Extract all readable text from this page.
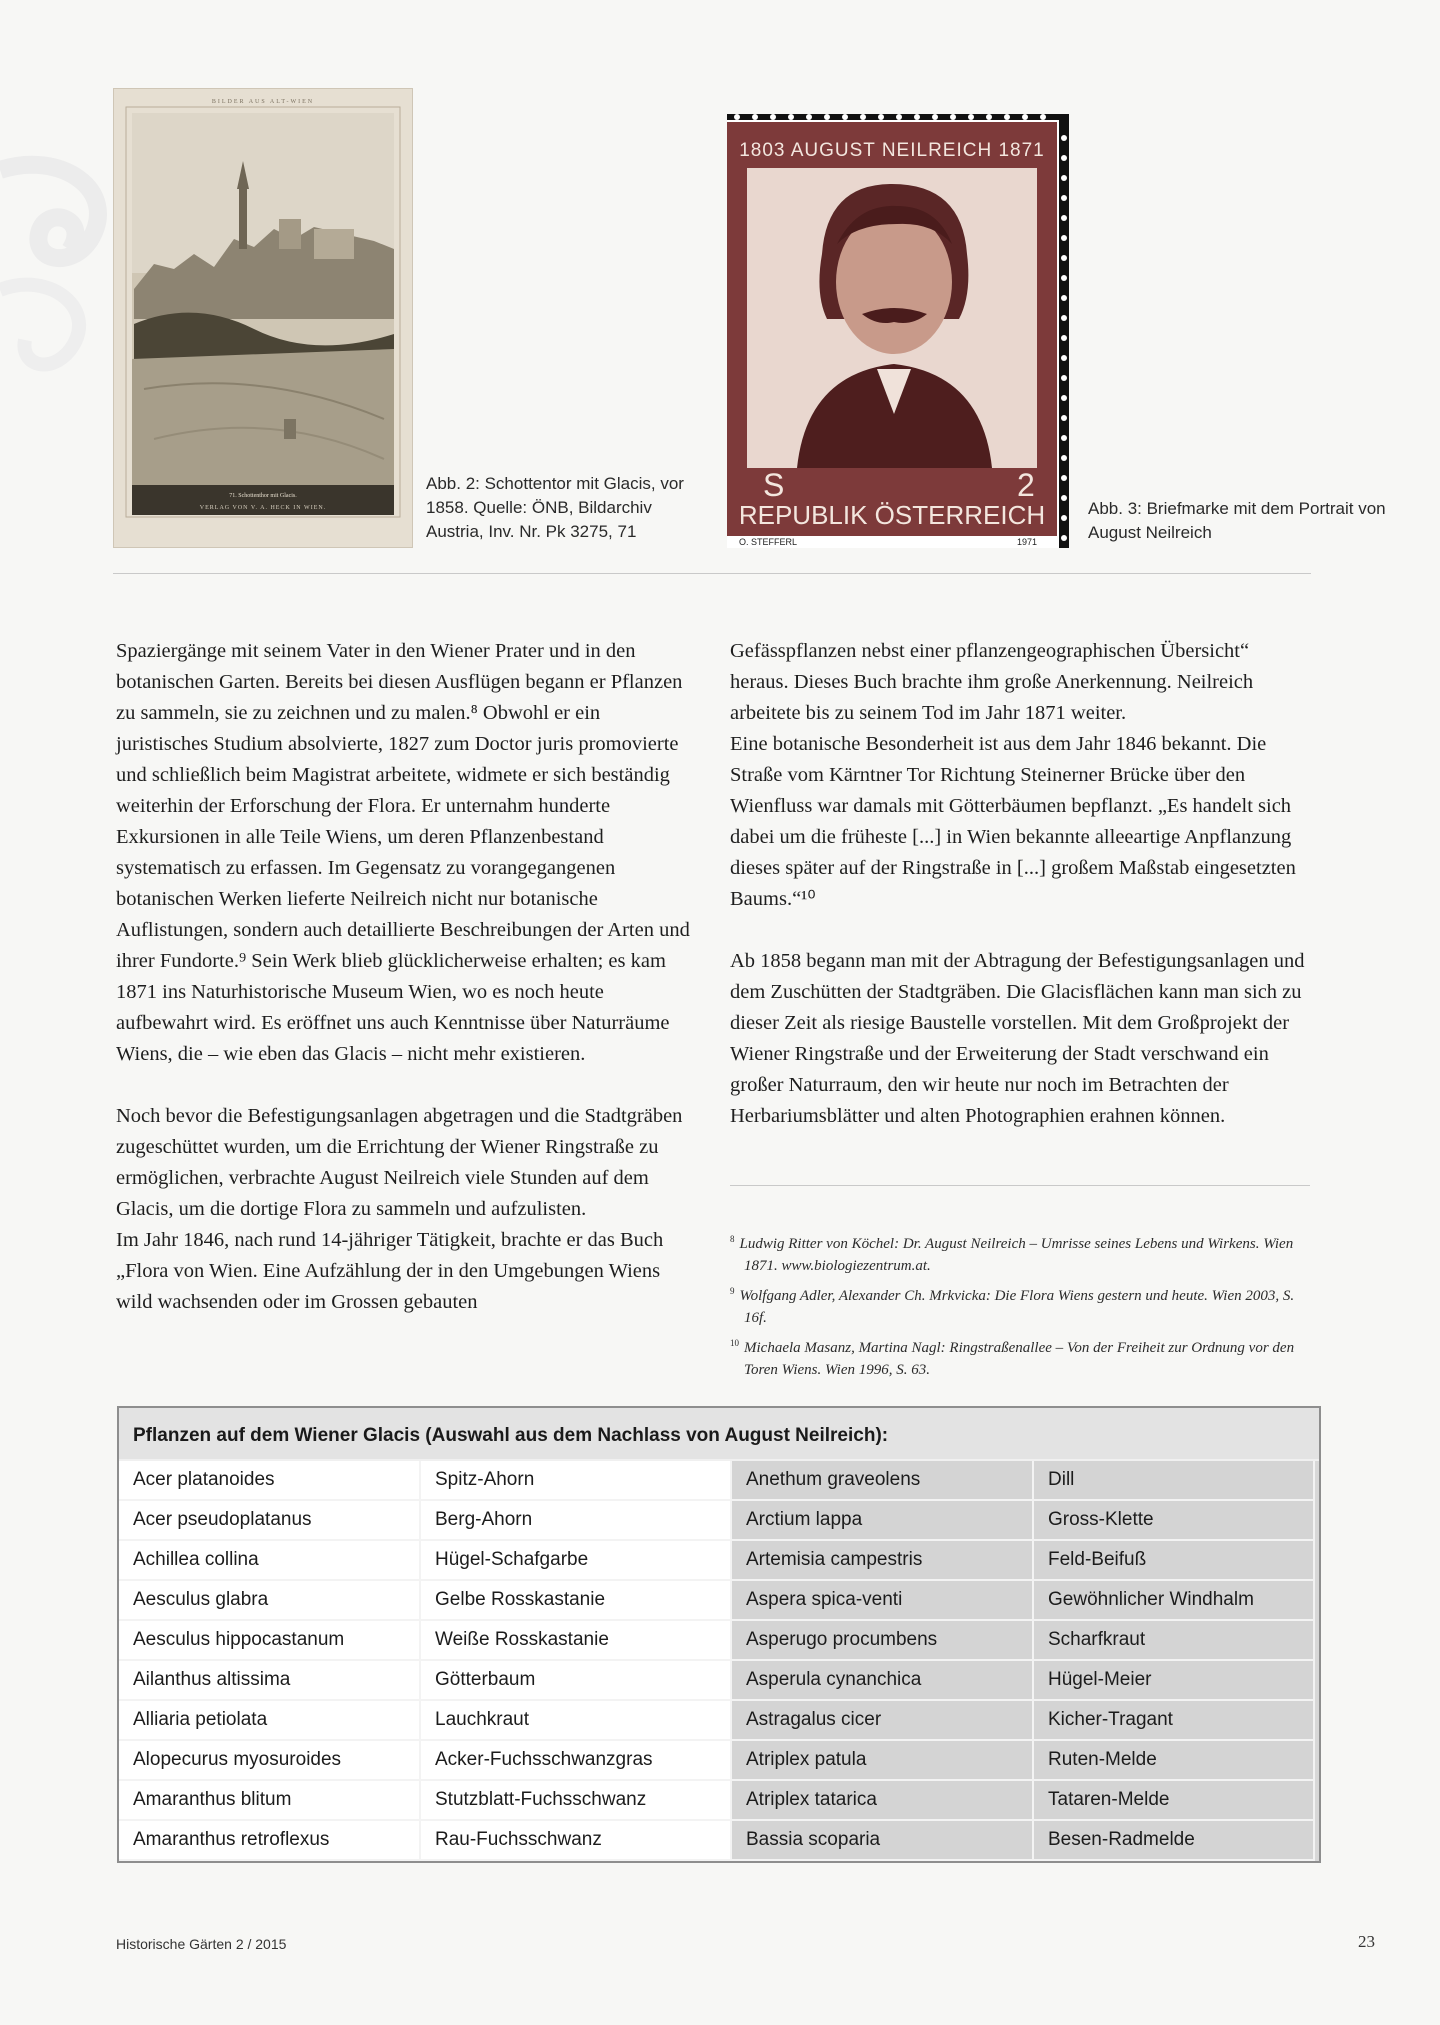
BILDER AUS ALT-WIEN
71. Schottenthor mit Glacis.
VERLAG VON V. A. HECK IN WIEN.
Abb. 2: Schottentor mit Glacis, vor 1858. Quelle: ÖNB, Bildarchiv Austria, Inv. Nr. Pk 3275, 71
1803 AUGUST NEILREICH 1871
S	2
REPUBLIK ÖSTERREICH
O. STEFFERL	1971
Abb. 3: Briefmarke mit dem Portrait von August Neilreich

Spaziergänge mit seinem Vater in den Wiener Prater und in den botanischen Garten. Bereits bei diesen Ausflügen begann er Pflanzen zu sammeln, sie zu zeichnen und zu malen.⁸ Obwohl er ein juristisches Studium absolvierte, 1827 zum Doctor juris promovierte und schließlich beim Magistrat arbeitete, widmete er sich beständig weiterhin der Erforschung der Flora. Er unternahm hunderte Exkursionen in alle Teile Wiens, um deren Pflanzenbestand systematisch zu erfassen. Im Gegensatz zu vorangegangenen botanischen Werken lieferte Neilreich nicht nur botanische Auflistungen, sondern auch detaillierte Beschreibungen der Arten und ihrer Fundorte.⁹ Sein Werk blieb glücklicherweise erhalten; es kam 1871 ins Naturhistorische Museum Wien, wo es noch heute aufbewahrt wird. Es eröffnet uns auch Kenntnisse über Naturräume Wiens, die – wie eben das Glacis – nicht mehr existieren.

Noch bevor die Befestigungsanlagen abgetragen und die Stadtgräben zugeschüttet wurden, um die Errichtung der Wiener Ringstraße zu ermöglichen, verbrachte August Neilreich viele Stunden auf dem Glacis, um die dortige Flora zu sammeln und aufzulisten.

Im Jahr 1846, nach rund 14-jähriger Tätigkeit, brachte er das Buch „Flora von Wien. Eine Aufzählung der in den Umgebungen Wiens wild wachsenden oder im Grossen gebauten

Gefässpflanzen nebst einer pflanzengeographischen Übersicht“ heraus. Dieses Buch brachte ihm große Anerkennung. Neilreich arbeitete bis zu seinem Tod im Jahr 1871 weiter.

Eine botanische Besonderheit ist aus dem Jahr 1846 bekannt. Die Straße vom Kärntner Tor Richtung Steinerner Brücke über den Wienfluss war damals mit Götterbäumen bepflanzt. „Es handelt sich dabei um die früheste [...] in Wien bekannte alleeartige Anpflanzung dieses später auf der Ringstraße in [...] großem Maßstab eingesetzten Baums.“¹⁰

Ab 1858 begann man mit der Abtragung der Befestigungsanlagen und dem Zuschütten der Stadtgräben. Die Glacisflächen kann man sich zu dieser Zeit als riesige Baustelle vorstellen. Mit dem Großprojekt der Wiener Ringstraße und der Erweiterung der Stadt verschwand ein großer Naturraum, den wir heute nur noch im Betrachten der Herbariumsblätter und alten Photographien erahnen können.

$^8$ Ludwig Ritter von Köchel: Dr. August Neilreich – Umrisse seines Lebens und Wirkens. Wien 1871. www.biologiezentrum.at.

$^9$ Wolfgang Adler, Alexander Ch. Mrkvicka: Die Flora Wiens gestern und heute. Wien 2003, S. 16f.

$^{10}$ Michaela Masanz, Martina Nagl: Ringstraßenallee – Von der Freiheit zur Ordnung vor den Toren Wiens. Wien 1996, S. 63.

Pflanzen auf dem Wiener Glacis (Auswahl aus dem Nachlass von August Neilreich):
Acer platanoides	Spitz-Ahorn	Anethum graveolens	Dill
Acer pseudoplatanus	Berg-Ahorn	Arctium lappa	Gross-Klette
Achillea collina	Hügel-Schafgarbe	Artemisia campestris	Feld-Beifuß
Aesculus glabra	Gelbe Rosskastanie	Aspera spica-venti	Gewöhnlicher Windhalm
Aesculus hippocastanum	Weiße Rosskastanie	Asperugo procumbens	Scharfkraut
Ailanthus altissima	Götterbaum	Asperula cynanchica	Hügel-Meier
Alliaria petiolata	Lauchkraut	Astragalus cicer	Kicher-Tragant
Alopecurus myosuroides	Acker-Fuchsschwanzgras	Atriplex patula	Ruten-Melde
Amaranthus blitum	Stutzblatt-Fuchsschwanz	Atriplex tatarica	Tataren-Melde
Amaranthus retroflexus	Rau-Fuchsschwanz	Bassia scoparia	Besen-Radmelde
Historische Gärten 2 / 2015	23
